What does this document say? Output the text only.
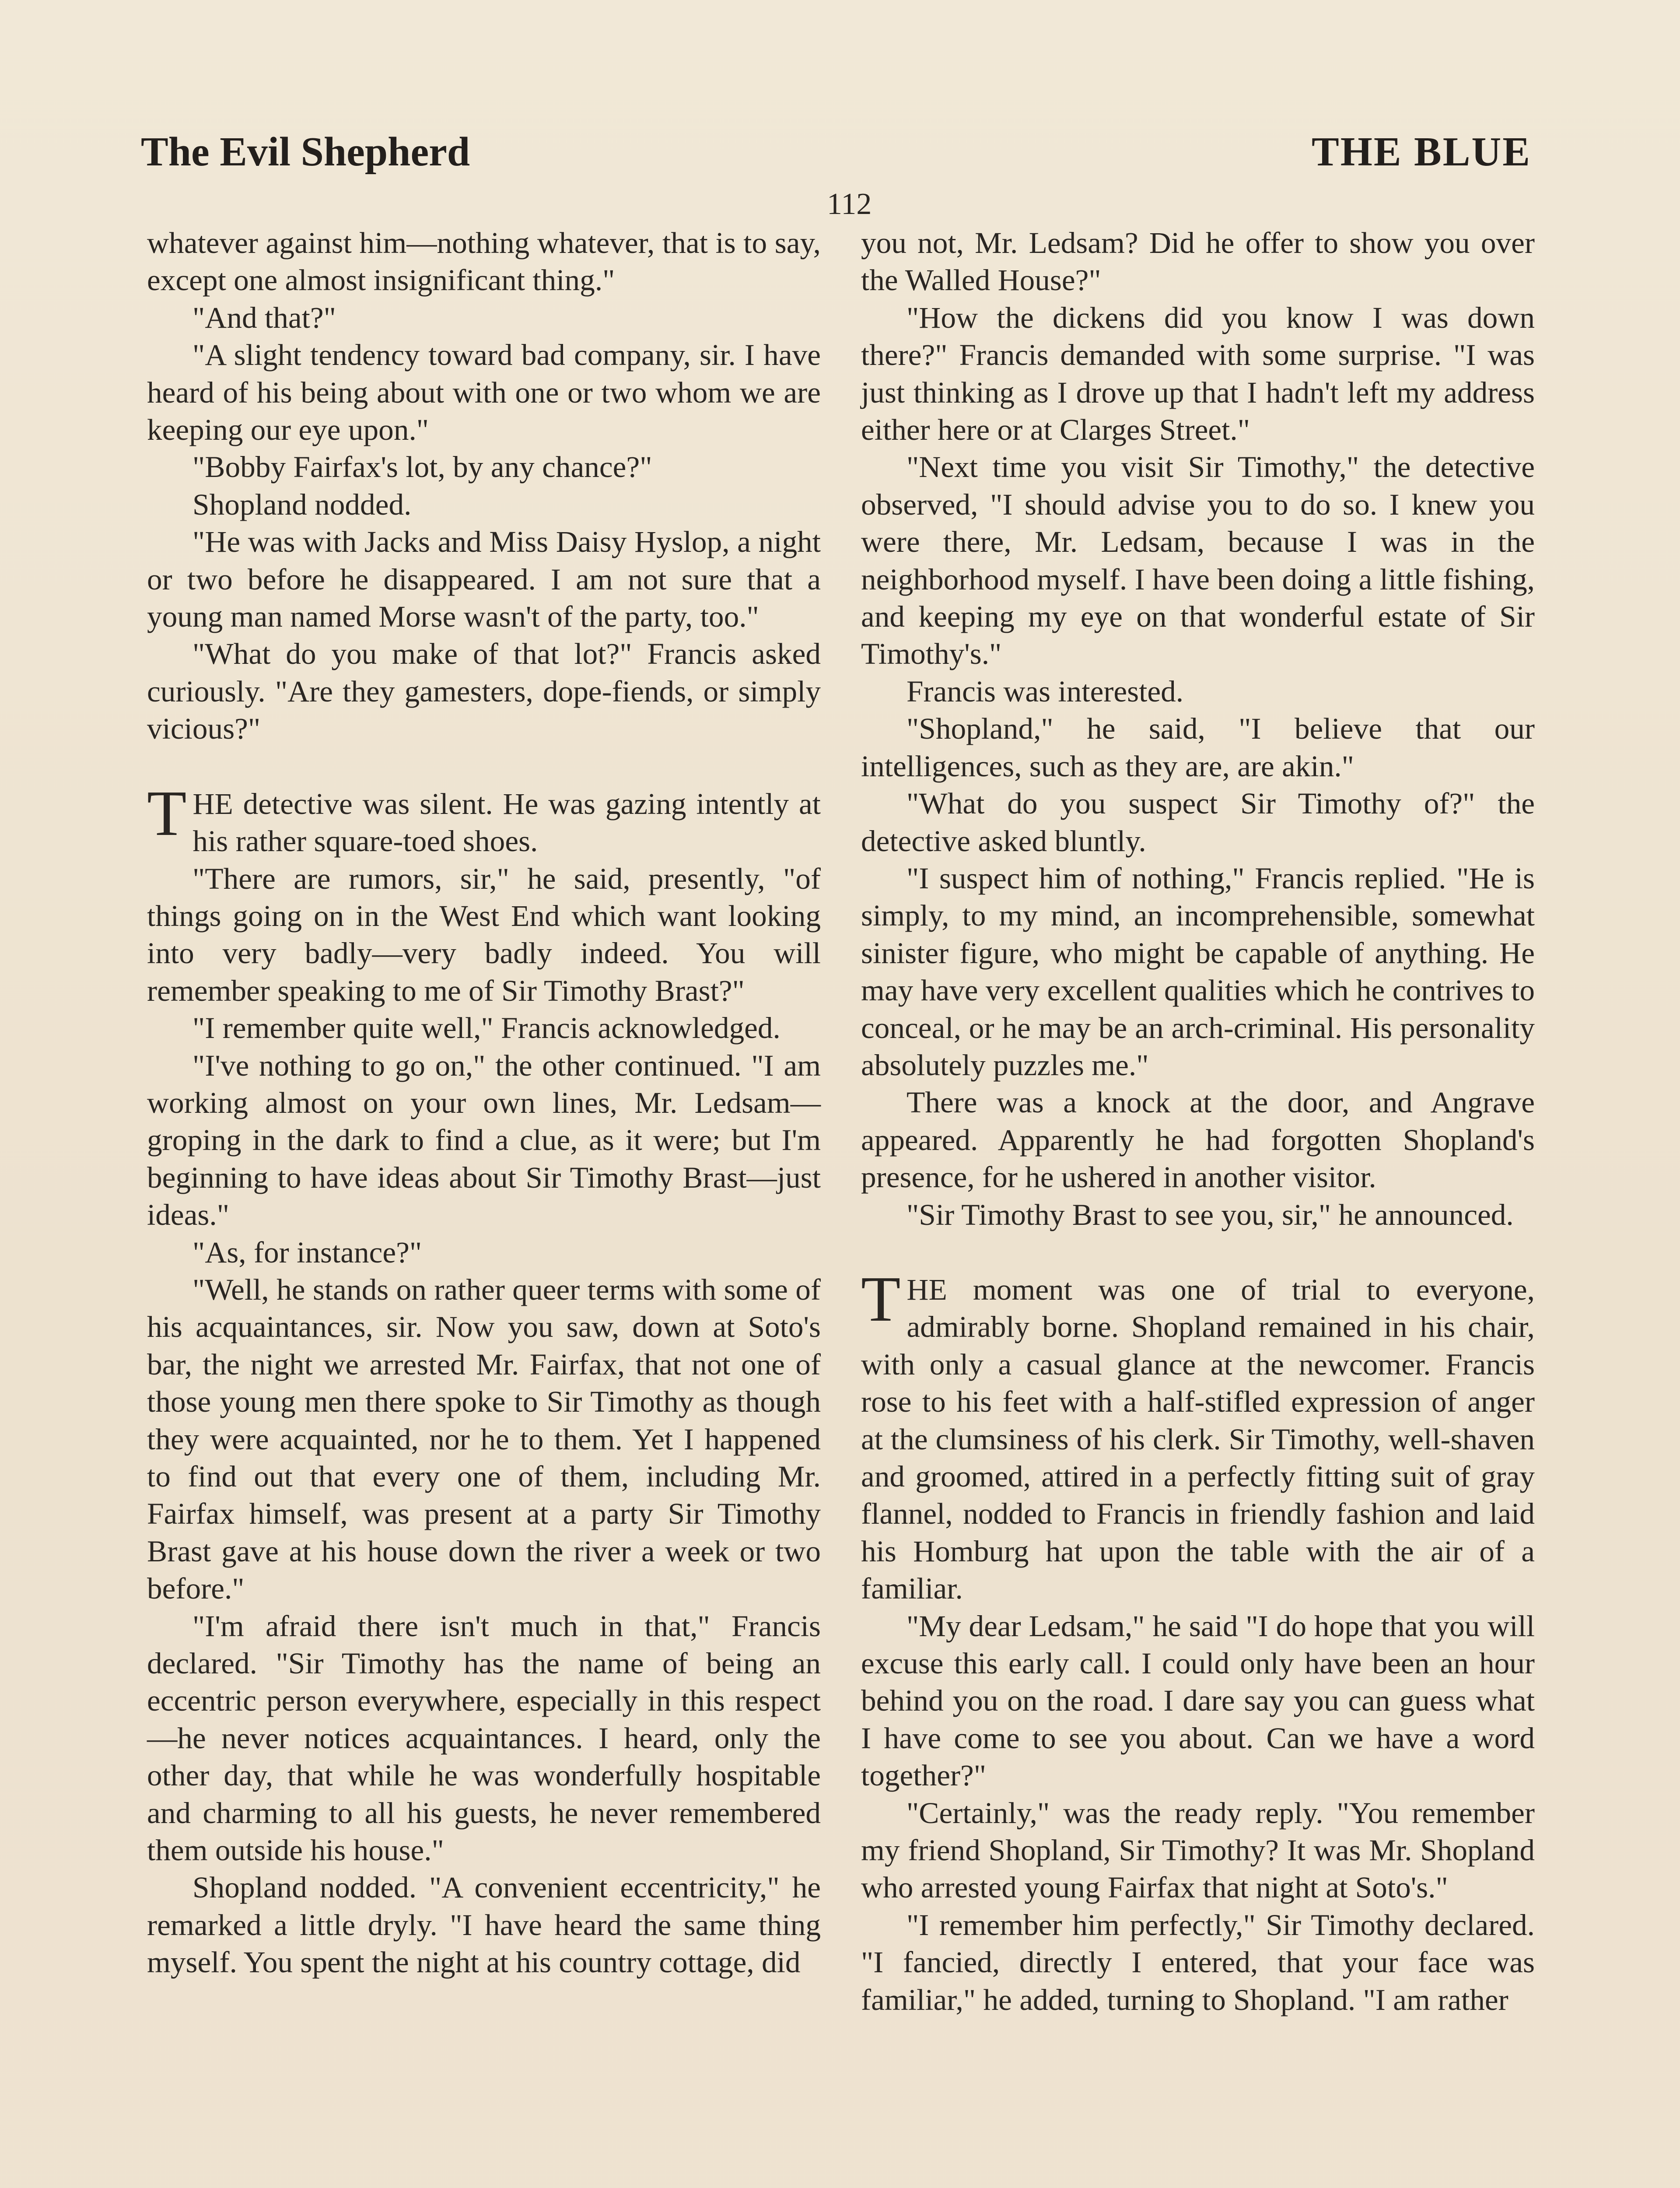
The Evil Shepherd	THE BLUE
112

whatever against him—nothing whatever, that is to say, except one almost insignificant thing."

"And that?"

"A slight tendency toward bad company, sir. I have heard of his being about with one or two whom we are keeping our eye upon."

"Bobby Fairfax's lot, by any chance?"

Shopland nodded.

"He was with Jacks and Miss Daisy Hyslop, a night or two before he disappeared. I am not sure that a young man named Morse wasn't of the party, too."

"What do you make of that lot?" Francis asked curiously. "Are they gamesters, dope-fiends, or simply vicious?"

THE detective was silent. He was gazing intently at his rather square-toed shoes.

"There are rumors, sir," he said, presently, "of things going on in the West End which want looking into very badly—very badly indeed. You will remember speaking to me of Sir Timothy Brast?"

"I remember quite well," Francis acknowledged.

"I've nothing to go on," the other continued. "I am working almost on your own lines, Mr. Ledsam—groping in the dark to find a clue, as it were; but I'm beginning to have ideas about Sir Timothy Brast—just ideas."

"As, for instance?"

"Well, he stands on rather queer terms with some of his acquaintances, sir. Now you saw, down at Soto's bar, the night we arrested Mr. Fairfax, that not one of those young men there spoke to Sir Timothy as though they were acquainted, nor he to them. Yet I happened to find out that every one of them, including Mr. Fairfax himself, was present at a party Sir Timothy Brast gave at his house down the river a week or two before."

"I'm afraid there isn't much in that," Francis declared. "Sir Timothy has the name of being an eccentric person everywhere, especially in this respect—he never notices acquaintances. I heard, only the other day, that while he was wonderfully hospitable and charming to all his guests, he never remembered them outside his house."

Shopland nodded. "A convenient eccentricity," he remarked a little dryly. "I have heard the same thing myself. You spent the night at his country cottage, did

you not, Mr. Ledsam? Did he offer to show you over the Walled House?"

"How the dickens did you know I was down there?" Francis demanded with some surprise. "I was just thinking as I drove up that I hadn't left my address either here or at Clarges Street."

"Next time you visit Sir Timothy," the detective observed, "I should advise you to do so. I knew you were there, Mr. Ledsam, because I was in the neighborhood myself. I have been doing a little fishing, and keeping my eye on that wonderful estate of Sir Timothy's."

Francis was interested.

"Shopland," he said, "I believe that our intelligences, such as they are, are akin."

"What do you suspect Sir Timothy of?" the detective asked bluntly.

"I suspect him of nothing," Francis replied. "He is simply, to my mind, an incomprehensible, somewhat sinister figure, who might be capable of anything. He may have very excellent qualities which he contrives to conceal, or he may be an arch-criminal. His personality absolutely puzzles me."

There was a knock at the door, and Angrave appeared. Apparently he had forgotten Shopland's presence, for he ushered in another visitor.

"Sir Timothy Brast to see you, sir," he announced.

THE moment was one of trial to everyone, admirably borne. Shopland remained in his chair, with only a casual glance at the newcomer. Francis rose to his feet with a half-stifled expression of anger at the clumsiness of his clerk. Sir Timothy, well-shaven and groomed, attired in a perfectly fitting suit of gray flannel, nodded to Francis in friendly fashion and laid his Homburg hat upon the table with the air of a familiar.

"My dear Ledsam," he said "I do hope that you will excuse this early call. I could only have been an hour behind you on the road. I dare say you can guess what I have come to see you about. Can we have a word together?"

"Certainly," was the ready reply. "You remember my friend Shopland, Sir Timothy? It was Mr. Shopland who arrested young Fairfax that night at Soto's."

"I remember him perfectly," Sir Timothy declared. "I fancied, directly I entered, that your face was familiar," he added, turning to Shopland. "I am rather
